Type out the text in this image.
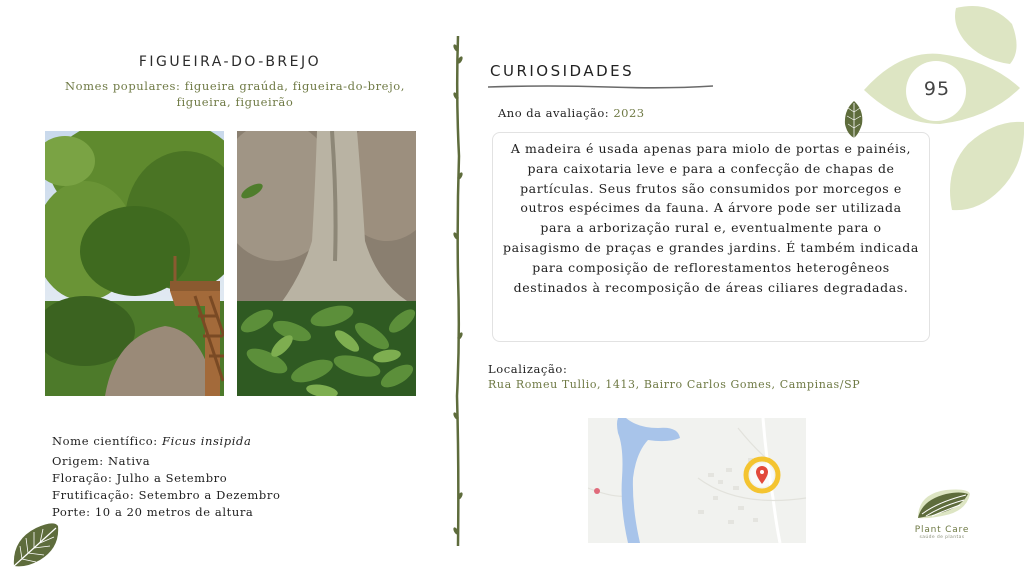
FIGUEIRA-DO-BREJO
Nomes populares: figueira graúda, figueira-do-brejo, figueira, figueirão
Nome científico: Ficus insipida
Origem: Nativa
Floração: Julho a Setembro
Frutificação: Setembro a Dezembro
Porte: 10 a 20 metros de altura
CURIOSIDADES
Ano da avaliação: 2023
A madeira é usada apenas para miolo de portas e painéis, para caixotaria leve e para a confecção de chapas de partículas. Seus frutos são consumidos por morcegos e outros espécimes da fauna. A árvore pode ser utilizada para a arborização rural e, eventualmente para o paisagismo de praças e grandes jardins. É também indicada para composição de reflorestamentos heterogêneos destinados à recomposição de áreas ciliares degradadas.
Localização:
Rua Romeu Tullio, 1413, Bairro Carlos Gomes, Campinas/SP
95
Plant Care
saúde de plantas
